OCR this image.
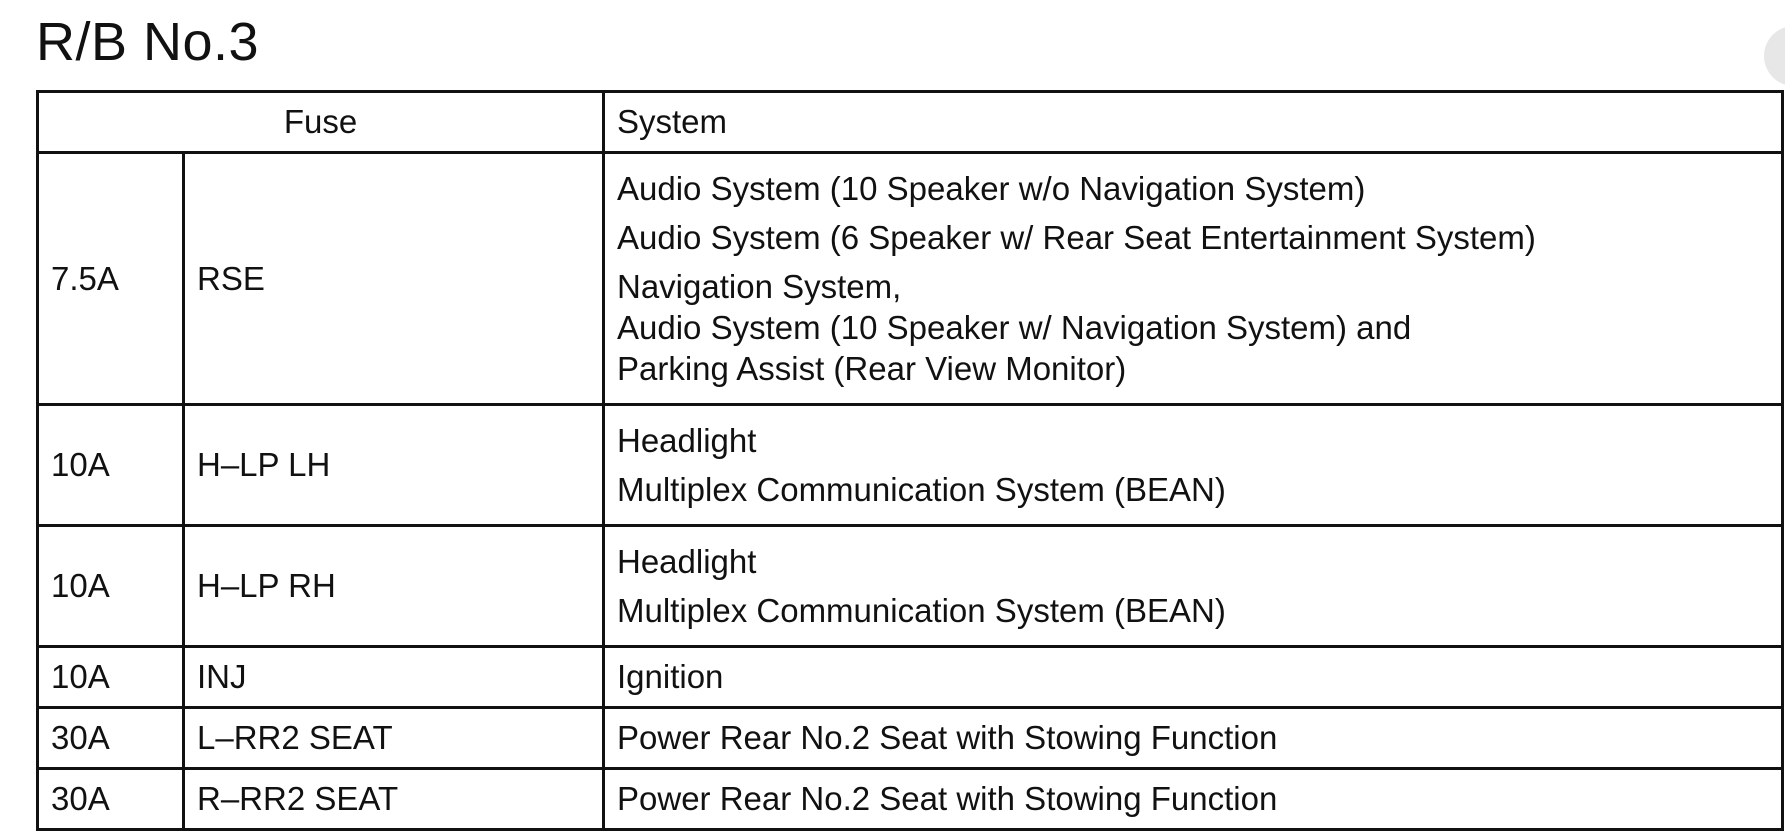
R/B No.3
Fuse		System
7.5A	RSE	Audio System (10 Speaker w/o Navigation System)
Audio System (6 Speaker w/ Rear Seat Entertainment System)
Navigation System,
Audio System (10 Speaker w/ Navigation System) and
Parking Assist (Rear View Monitor)

10A	H–LP LH	Headlight
Multiplex Communication System (BEAN)

10A	H–LP RH	Headlight
Multiplex Communication System (BEAN)

10A	INJ	Ignition
30A	L–RR2 SEAT	Power Rear No.2 Seat with Stowing Function
30A	R–RR2 SEAT	Power Rear No.2 Seat with Stowing Function
